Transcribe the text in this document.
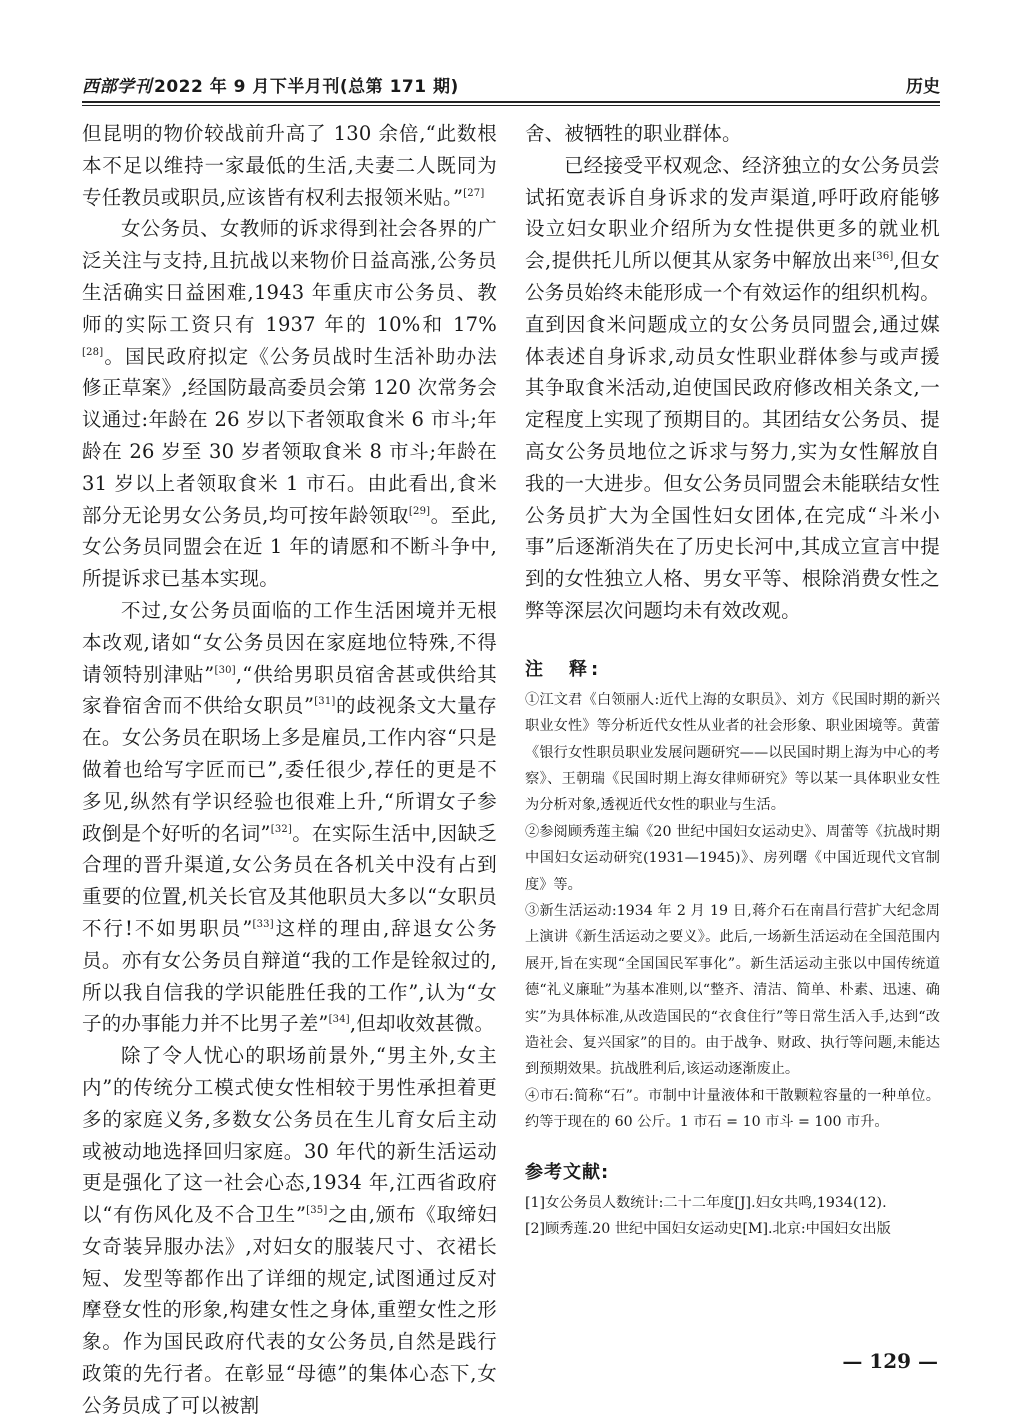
西部学刊 2022 年 9 月下半月刊(总第 171 期)	历史

但昆明的物价较战前升高了 130 余倍,“此数根本不足以维持一家最低的生活,夫妻二人既同为专任教员或职员,应该皆有权利去报领米贴。”[27]

女公务员、女教师的诉求得到社会各界的广泛关注与支持,且抗战以来物价日益高涨,公务员生活确实日益困难,1943 年重庆市公务员、教师的实际工资只有 1937 年的 10%和 17%[28]。国民政府拟定《公务员战时生活补助办法修正草案》,经国防最高委员会第 120 次常务会议通过:年龄在 26 岁以下者领取食米 6 市斗;年龄在 26 岁至 30 岁者领取食米 8 市斗;年龄在 31 岁以上者领取食米 1 市石。由此看出,食米部分无论男女公务员,均可按年龄领取[29]。至此,女公务员同盟会在近 1 年的请愿和不断斗争中,所提诉求已基本实现。

不过,女公务员面临的工作生活困境并无根本改观,诸如“女公务员因在家庭地位特殊,不得请领特别津贴”[30],“供给男职员宿舍甚或供给其家眷宿舍而不供给女职员”[31]的歧视条文大量存在。女公务员在职场上多是雇员,工作内容“只是做着也给写字匠而已”,委任很少,荐任的更是不多见,纵然有学识经验也很难上升,“所谓女子参政倒是个好听的名词”[32]。在实际生活中,因缺乏合理的晋升渠道,女公务员在各机关中没有占到重要的位置,机关长官及其他职员大多以“女职员不行!不如男职员”[33]这样的理由,辞退女公务员。亦有女公务员自辩道“我的工作是铨叙过的,所以我自信我的学识能胜任我的工作”,认为“女子的办事能力并不比男子差”[34],但却收效甚微。

除了令人忧心的职场前景外,“男主外,女主内”的传统分工模式使女性相较于男性承担着更多的家庭义务,多数女公务员在生儿育女后主动或被动地选择回归家庭。30 年代的新生活运动更是强化了这一社会心态,1934 年,江西省政府以“有伤风化及不合卫生”[35]之由,颁布《取缔妇女奇装异服办法》,对妇女的服装尺寸、衣裙长短、发型等都作出了详细的规定,试图通过反对摩登女性的形象,构建女性之身体,重塑女性之形象。作为国民政府代表的女公务员,自然是践行政策的先行者。在彰显“母德”的集体心态下,女公务员成了可以被割

舍、被牺牲的职业群体。

已经接受平权观念、经济独立的女公务员尝试拓宽表诉自身诉求的发声渠道,呼吁政府能够设立妇女职业介绍所为女性提供更多的就业机会,提供托儿所以便其从家务中解放出来[36],但女公务员始终未能形成一个有效运作的组织机构。直到因食米问题成立的女公务员同盟会,通过媒体表述自身诉求,动员女性职业群体参与或声援其争取食米活动,迫使国民政府修改相关条文,一定程度上实现了预期目的。其团结女公务员、提高女公务员地位之诉求与努力,实为女性解放自我的一大进步。但女公务员同盟会未能联结女性公务员扩大为全国性妇女团体,在完成“斗米小事”后逐渐消失在了历史长河中,其成立宣言中提到的女性独立人格、男女平等、根除消费女性之弊等深层次问题均未有效改观。

注　释:

①江文君《白领丽人:近代上海的女职员》、刘方《民国时期的新兴职业女性》等分析近代女性从业者的社会形象、职业困境等。黄蕾《银行女性职员职业发展问题研究——以民国时期上海为中心的考察》、王朝瑞《民国时期上海女律师研究》等以某一具体职业女性为分析对象,透视近代女性的职业与生活。

②参阅顾秀莲主编《20 世纪中国妇女运动史》、周蕾等《抗战时期中国妇女运动研究(1931—1945)》、房列曙《中国近现代文官制度》等。

③新生活运动:1934 年 2 月 19 日,蒋介石在南昌行营扩大纪念周上演讲《新生活运动之要义》。此后,一场新生活运动在全国范围内展开,旨在实现“全国国民军事化”。新生活运动主张以中国传统道德“礼义廉耻”为基本准则,以“整齐、清洁、简单、朴素、迅速、确实”为具体标准,从改造国民的“衣食住行”等日常生活入手,达到“改造社会、复兴国家”的目的。由于战争、财政、执行等问题,未能达到预期效果。抗战胜利后,该运动逐渐废止。

④市石:简称“石”。市制中计量液体和干散颗粒容量的一种单位。约等于现在的 60 公斤。1 市石 = 10 市斗 = 100 市升。

参考文献:

[1]女公务员人数统计:二十二年度[J].妇女共鸣,1934(12).

[2]顾秀莲.20 世纪中国妇女运动史[M].北京:中国妇女出版

— 129 —
